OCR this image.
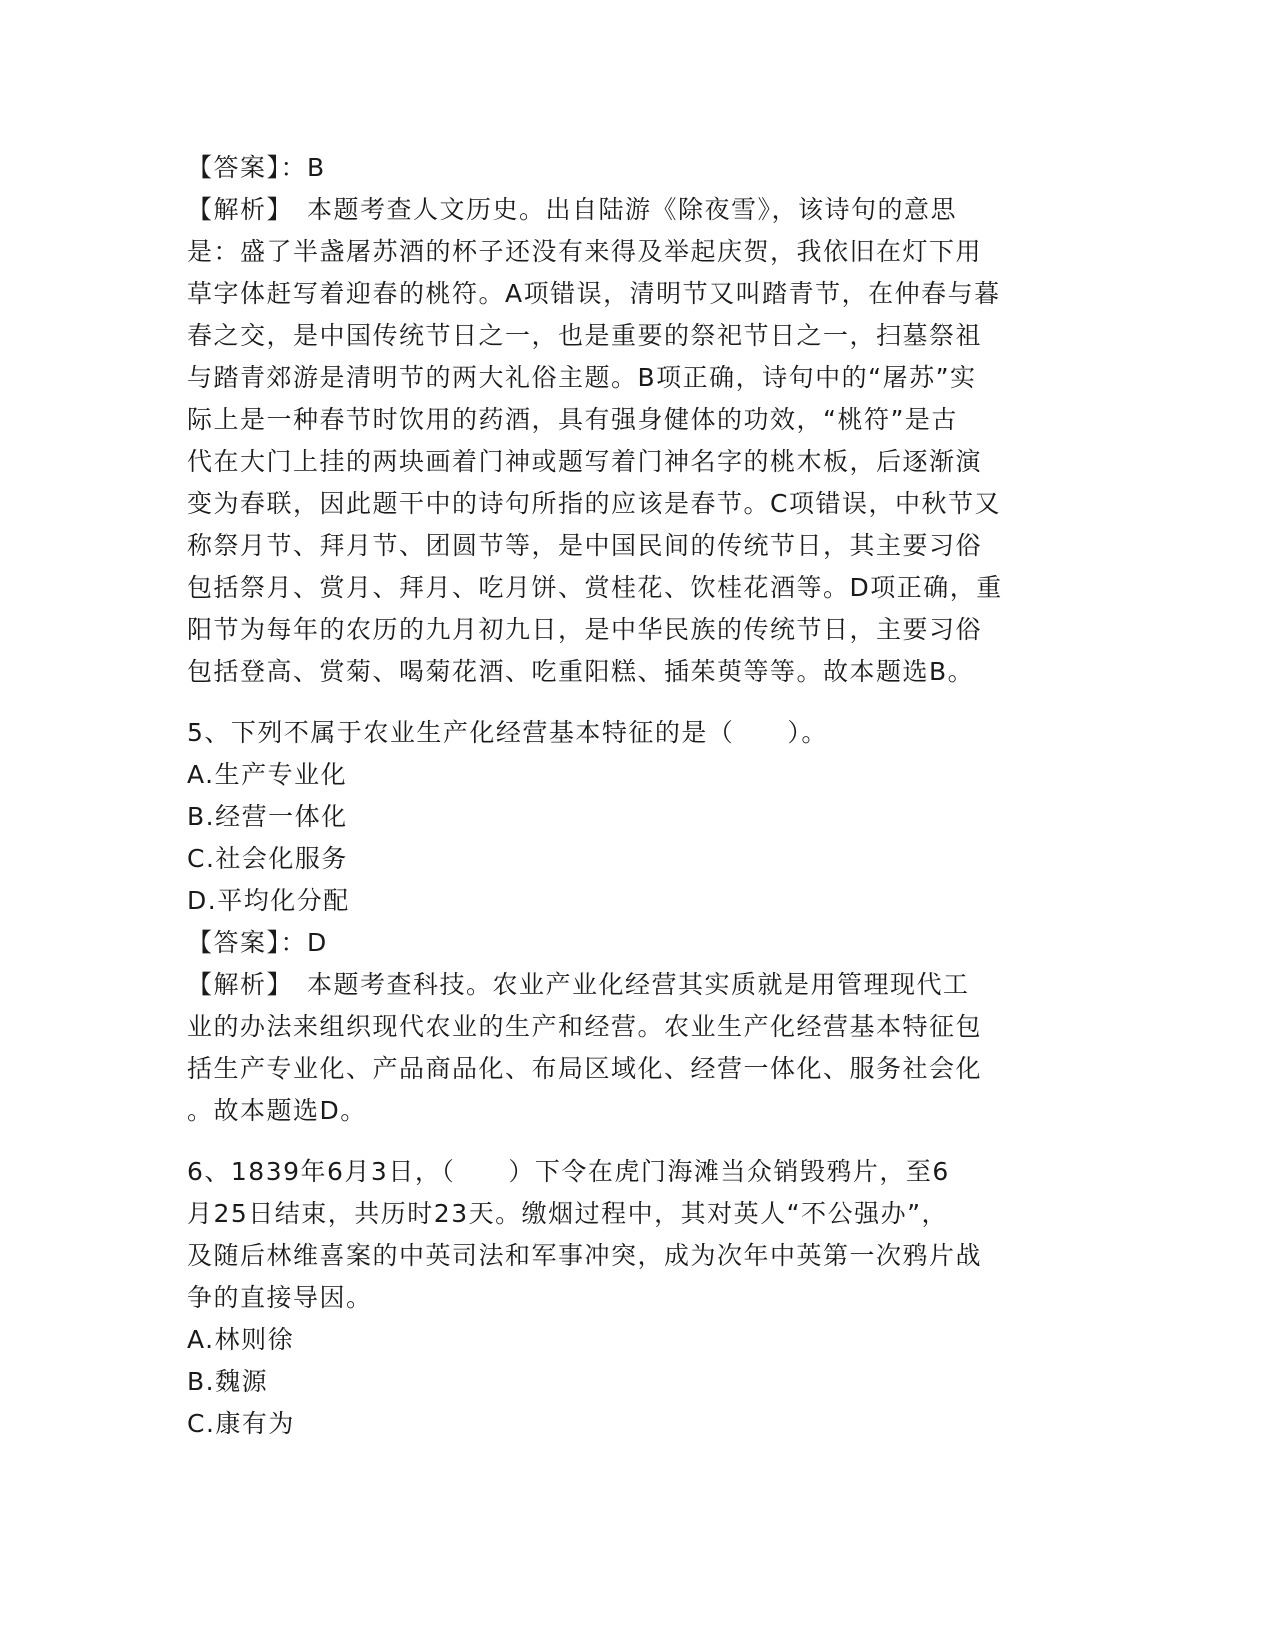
【答案】：B
【解析】　本题考查人文历史。出自陆游《除夜雪》，该诗句的意思
是：盛了半盏屠苏酒的杯子还没有来得及举起庆贺，我依旧在灯下用
草字体赶写着迎春的桃符。A项错误，清明节又叫踏青节，在仲春与暮
春之交，是中国传统节日之一，也是重要的祭祀节日之一，扫墓祭祖
与踏青郊游是清明节的两大礼俗主题。B项正确，诗句中的“屠苏”实
际上是一种春节时饮用的药酒，具有强身健体的功效，“桃符”是古
代在大门上挂的两块画着门神或题写着门神名字的桃木板，后逐渐演
变为春联，因此题干中的诗句所指的应该是春节。C项错误，中秋节又
称祭月节、拜月节、团圆节等，是中国民间的传统节日，其主要习俗
包括祭月、赏月、拜月、吃月饼、赏桂花、饮桂花酒等。D项正确，重
阳节为每年的农历的九月初九日，是中华民族的传统节日，主要习俗
包括登高、赏菊、喝菊花酒、吃重阳糕、插茱萸等等。故本题选B。
5、下列不属于农业生产化经营基本特征的是（　　）。
A.生产专业化
B.经营一体化
C.社会化服务
D.平均化分配
【答案】：D
【解析】　本题考查科技。农业产业化经营其实质就是用管理现代工
业的办法来组织现代农业的生产和经营。农业生产化经营基本特征包
括生产专业化、产品商品化、布局区域化、经营一体化、服务社会化
。故本题选D。
6、1839年6月3日，（　　）下令在虎门海滩当众销毁鸦片，至6
月25日结束，共历时23天。缴烟过程中，其对英人“不公强办”，
及随后林维喜案的中英司法和军事冲突，成为次年中英第一次鸦片战
争的直接导因。
A.林则徐
B.魏源
C.康有为
